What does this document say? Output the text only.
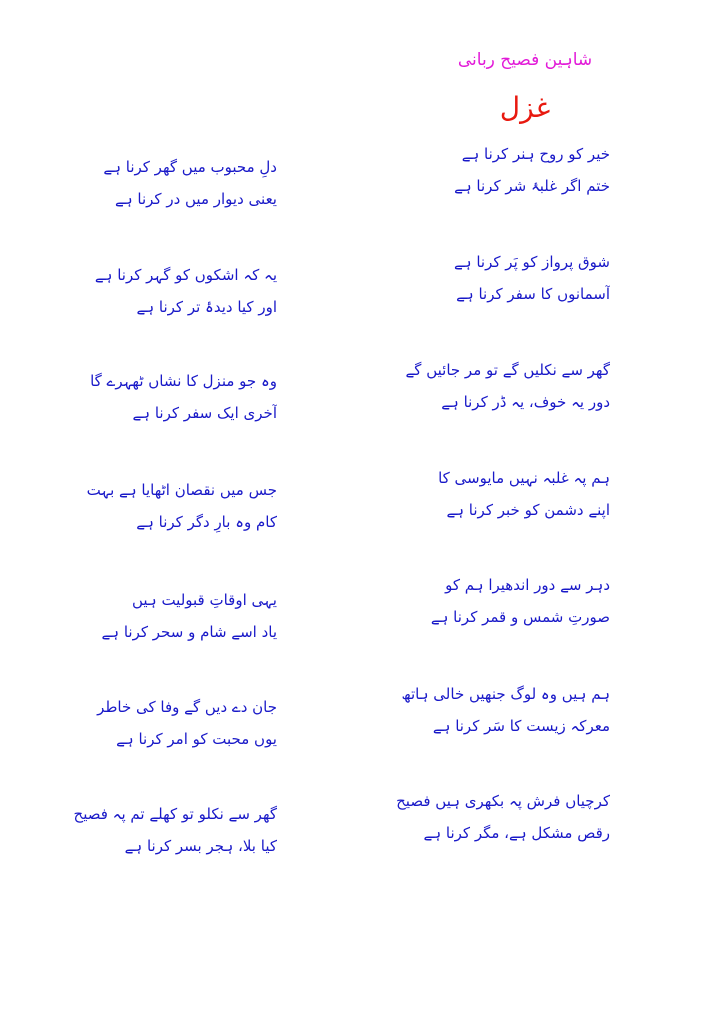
شاہین فصیح ربانی
غزل
خیر کو روح ہنر کرنا ہے
ختم اگر غلبۂ شر کرنا ہے
شوق پرواز کو پَر کرنا ہے
آسمانوں کا سفر کرنا ہے
گھر سے نکلیں گے تو مر جائیں گے
دور یہ خوف، یہ ڈر کرنا ہے
ہم پہ غلبہ نہیں مایوسی کا
اپنے دشمن کو خبر کرنا ہے
دہر سے دور اندھیرا ہم کو
صورتِ شمس و قمر کرنا ہے
ہم ہیں وہ لوگ جنھیں خالی ہاتھ
معرکہ زیست کا سَر کرنا ہے
کرچیاں فرش پہ بکھری ہیں فصیح
رقص مشکل ہے، مگر کرنا ہے
دلِ محبوب میں گھر کرنا ہے
یعنی دیوار میں در کرنا ہے
یہ کہ اشکوں کو گہر کرنا ہے
اور کیا دیدۂ تر کرنا ہے
وہ جو منزل کا نشاں ٹھہرے گا
آخری ایک سفر کرنا ہے
جس میں نقصان اٹھایا ہے بہت
کام وہ بارِ دگر کرنا ہے
یہی اوقاتِ قبولیت ہیں
یاد اسے شام و سحر کرنا ہے
جان دے دیں گے وفا کی خاطر
یوں محبت کو امر کرنا ہے
گھر سے نکلو تو کھلے تم پہ فصیح
کیا بلا، ہجر بسر کرنا ہے
